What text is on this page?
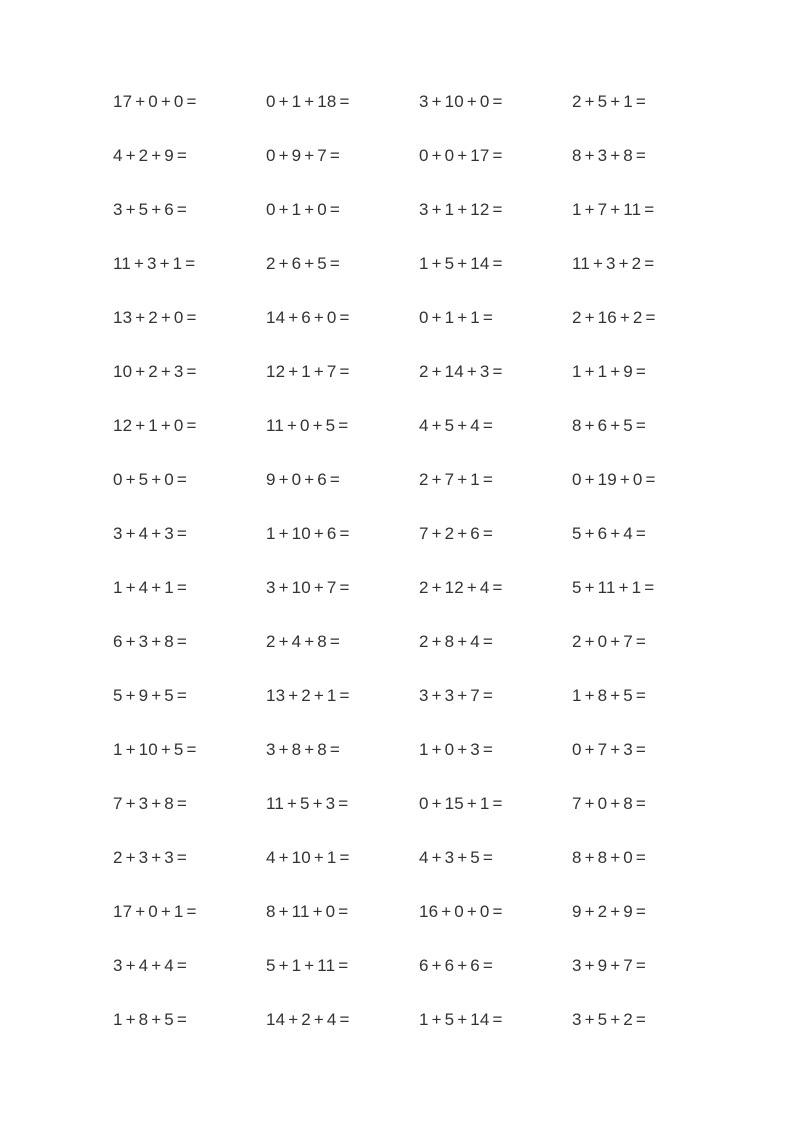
17 + 0 + 0 =	0 + 1 + 18 =	3 + 10 + 0 =	2 + 5 + 1 =
4 + 2 + 9 =	0 + 9 + 7 =	0 + 0 + 17 =	8 + 3 + 8 =
3 + 5 + 6 =	0 + 1 + 0 =	3 + 1 + 12 =	1 + 7 + 11 =
11 + 3 + 1 =	2 + 6 + 5 =	1 + 5 + 14 =	11 + 3 + 2 =
13 + 2 + 0 =	14 + 6 + 0 =	0 + 1 + 1 =	2 + 16 + 2 =
10 + 2 + 3 =	12 + 1 + 7 =	2 + 14 + 3 =	1 + 1 + 9 =
12 + 1 + 0 =	11 + 0 + 5 =	4 + 5 + 4 =	8 + 6 + 5 =
0 + 5 + 0 =	9 + 0 + 6 =	2 + 7 + 1 =	0 + 19 + 0 =
3 + 4 + 3 =	1 + 10 + 6 =	7 + 2 + 6 =	5 + 6 + 4 =
1 + 4 + 1 =	3 + 10 + 7 =	2 + 12 + 4 =	5 + 11 + 1 =
6 + 3 + 8 =	2 + 4 + 8 =	2 + 8 + 4 =	2 + 0 + 7 =
5 + 9 + 5 =	13 + 2 + 1 =	3 + 3 + 7 =	1 + 8 + 5 =
1 + 10 + 5 =	3 + 8 + 8 =	1 + 0 + 3 =	0 + 7 + 3 =
7 + 3 + 8 =	11 + 5 + 3 =	0 + 15 + 1 =	7 + 0 + 8 =
2 + 3 + 3 =	4 + 10 + 1 =	4 + 3 + 5 =	8 + 8 + 0 =
17 + 0 + 1 =	8 + 11 + 0 =	16 + 0 + 0 =	9 + 2 + 9 =
3 + 4 + 4 =	5 + 1 + 11 =	6 + 6 + 6 =	3 + 9 + 7 =
1 + 8 + 5 =	14 + 2 + 4 =	1 + 5 + 14 =	3 + 5 + 2 =
